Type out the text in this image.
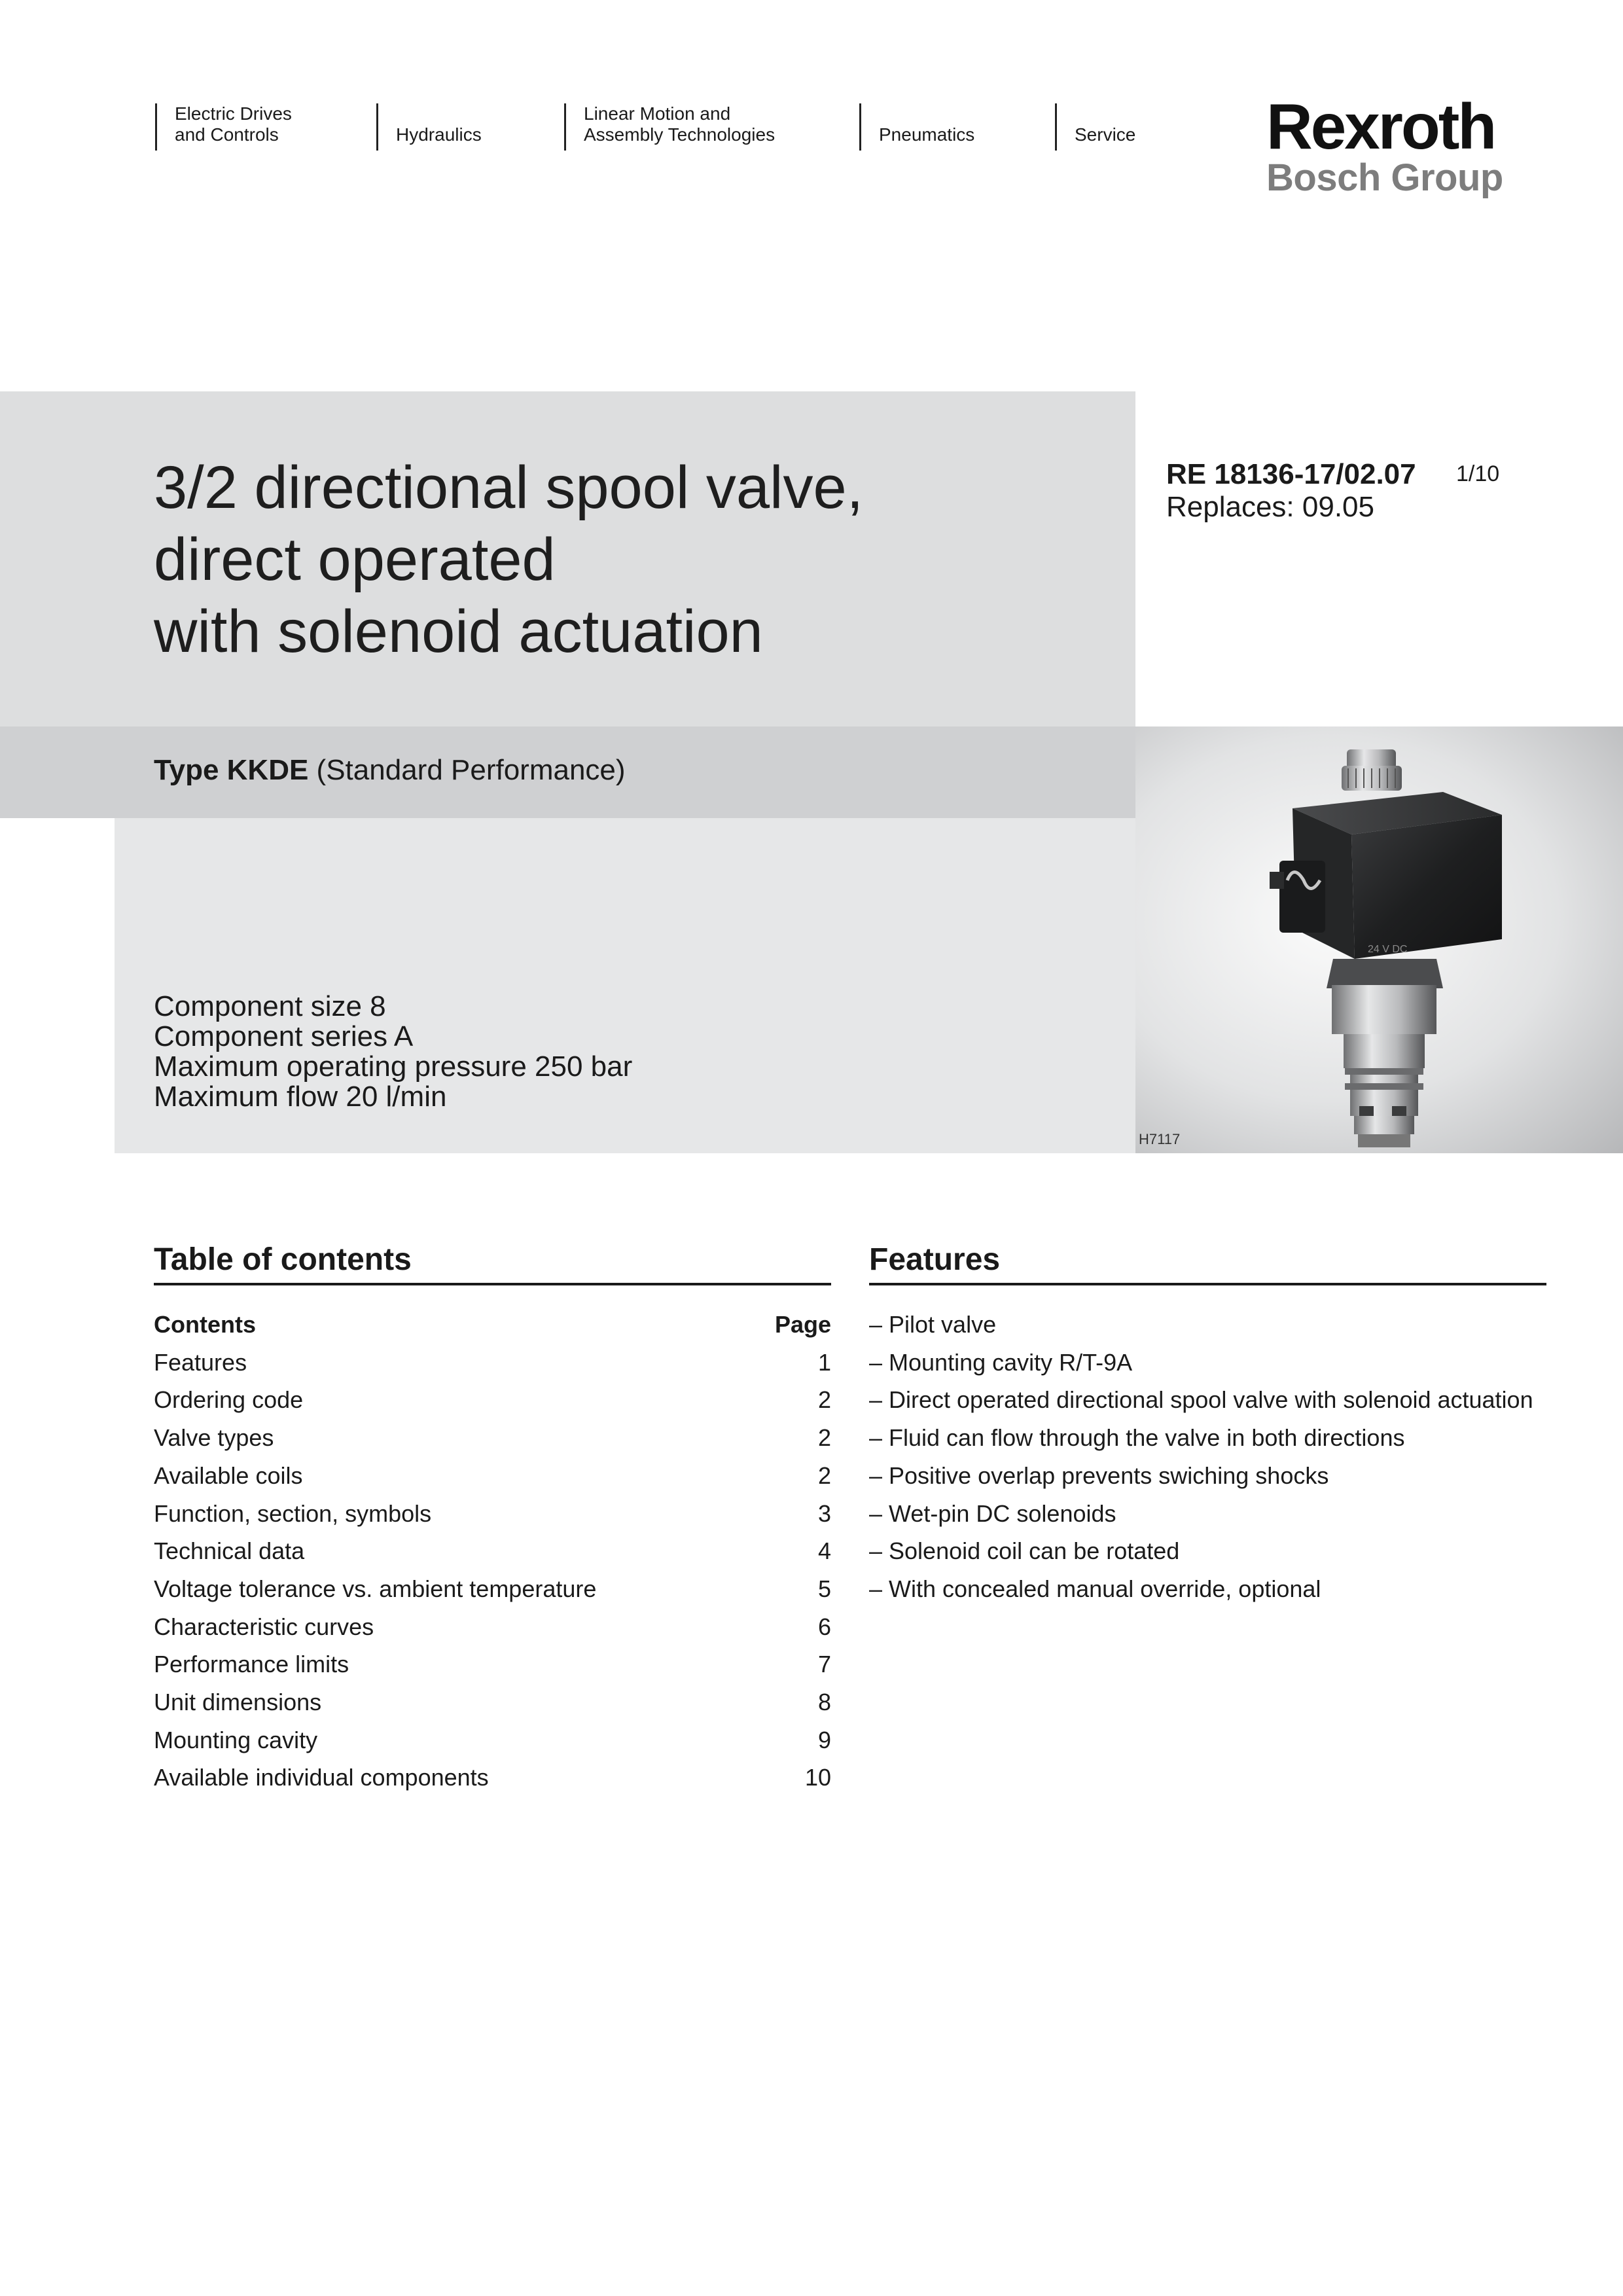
Electric Drives
and Controls	Hydraulics
Linear Motion and
Assembly Technologies	Pneumatics	Service Rexroth
Bosch Group
3/2 directional spool valve,
direct operated
with solenoid actuation
RE 18136-17/02.07
Replaces: 09.05
1/10
Type KKDE (Standard Performance)
Component size 8
Component series A
Maximum operating pressure 250 bar
Maximum flow 20 l/min
24 V DC
H7117
Table of contents
Contents	Page
Features	1
Ordering code	2
Valve types	2
Available coils	2
Function, section, symbols	3
Technical data	4
Voltage tolerance vs. ambient temperature	5
Characteristic curves	6
Performance limits	7
Unit dimensions	8
Mounting cavity	9
Available individual components	10
Features
– Pilot valve
– Mounting cavity R/T-9A
– Direct operated directional spool valve with solenoid actuation
– Fluid can flow through the valve in both directions
– Positive overlap prevents swiching shocks
– Wet-pin DC solenoids
– Solenoid coil can be rotated
– With concealed manual override, optional
